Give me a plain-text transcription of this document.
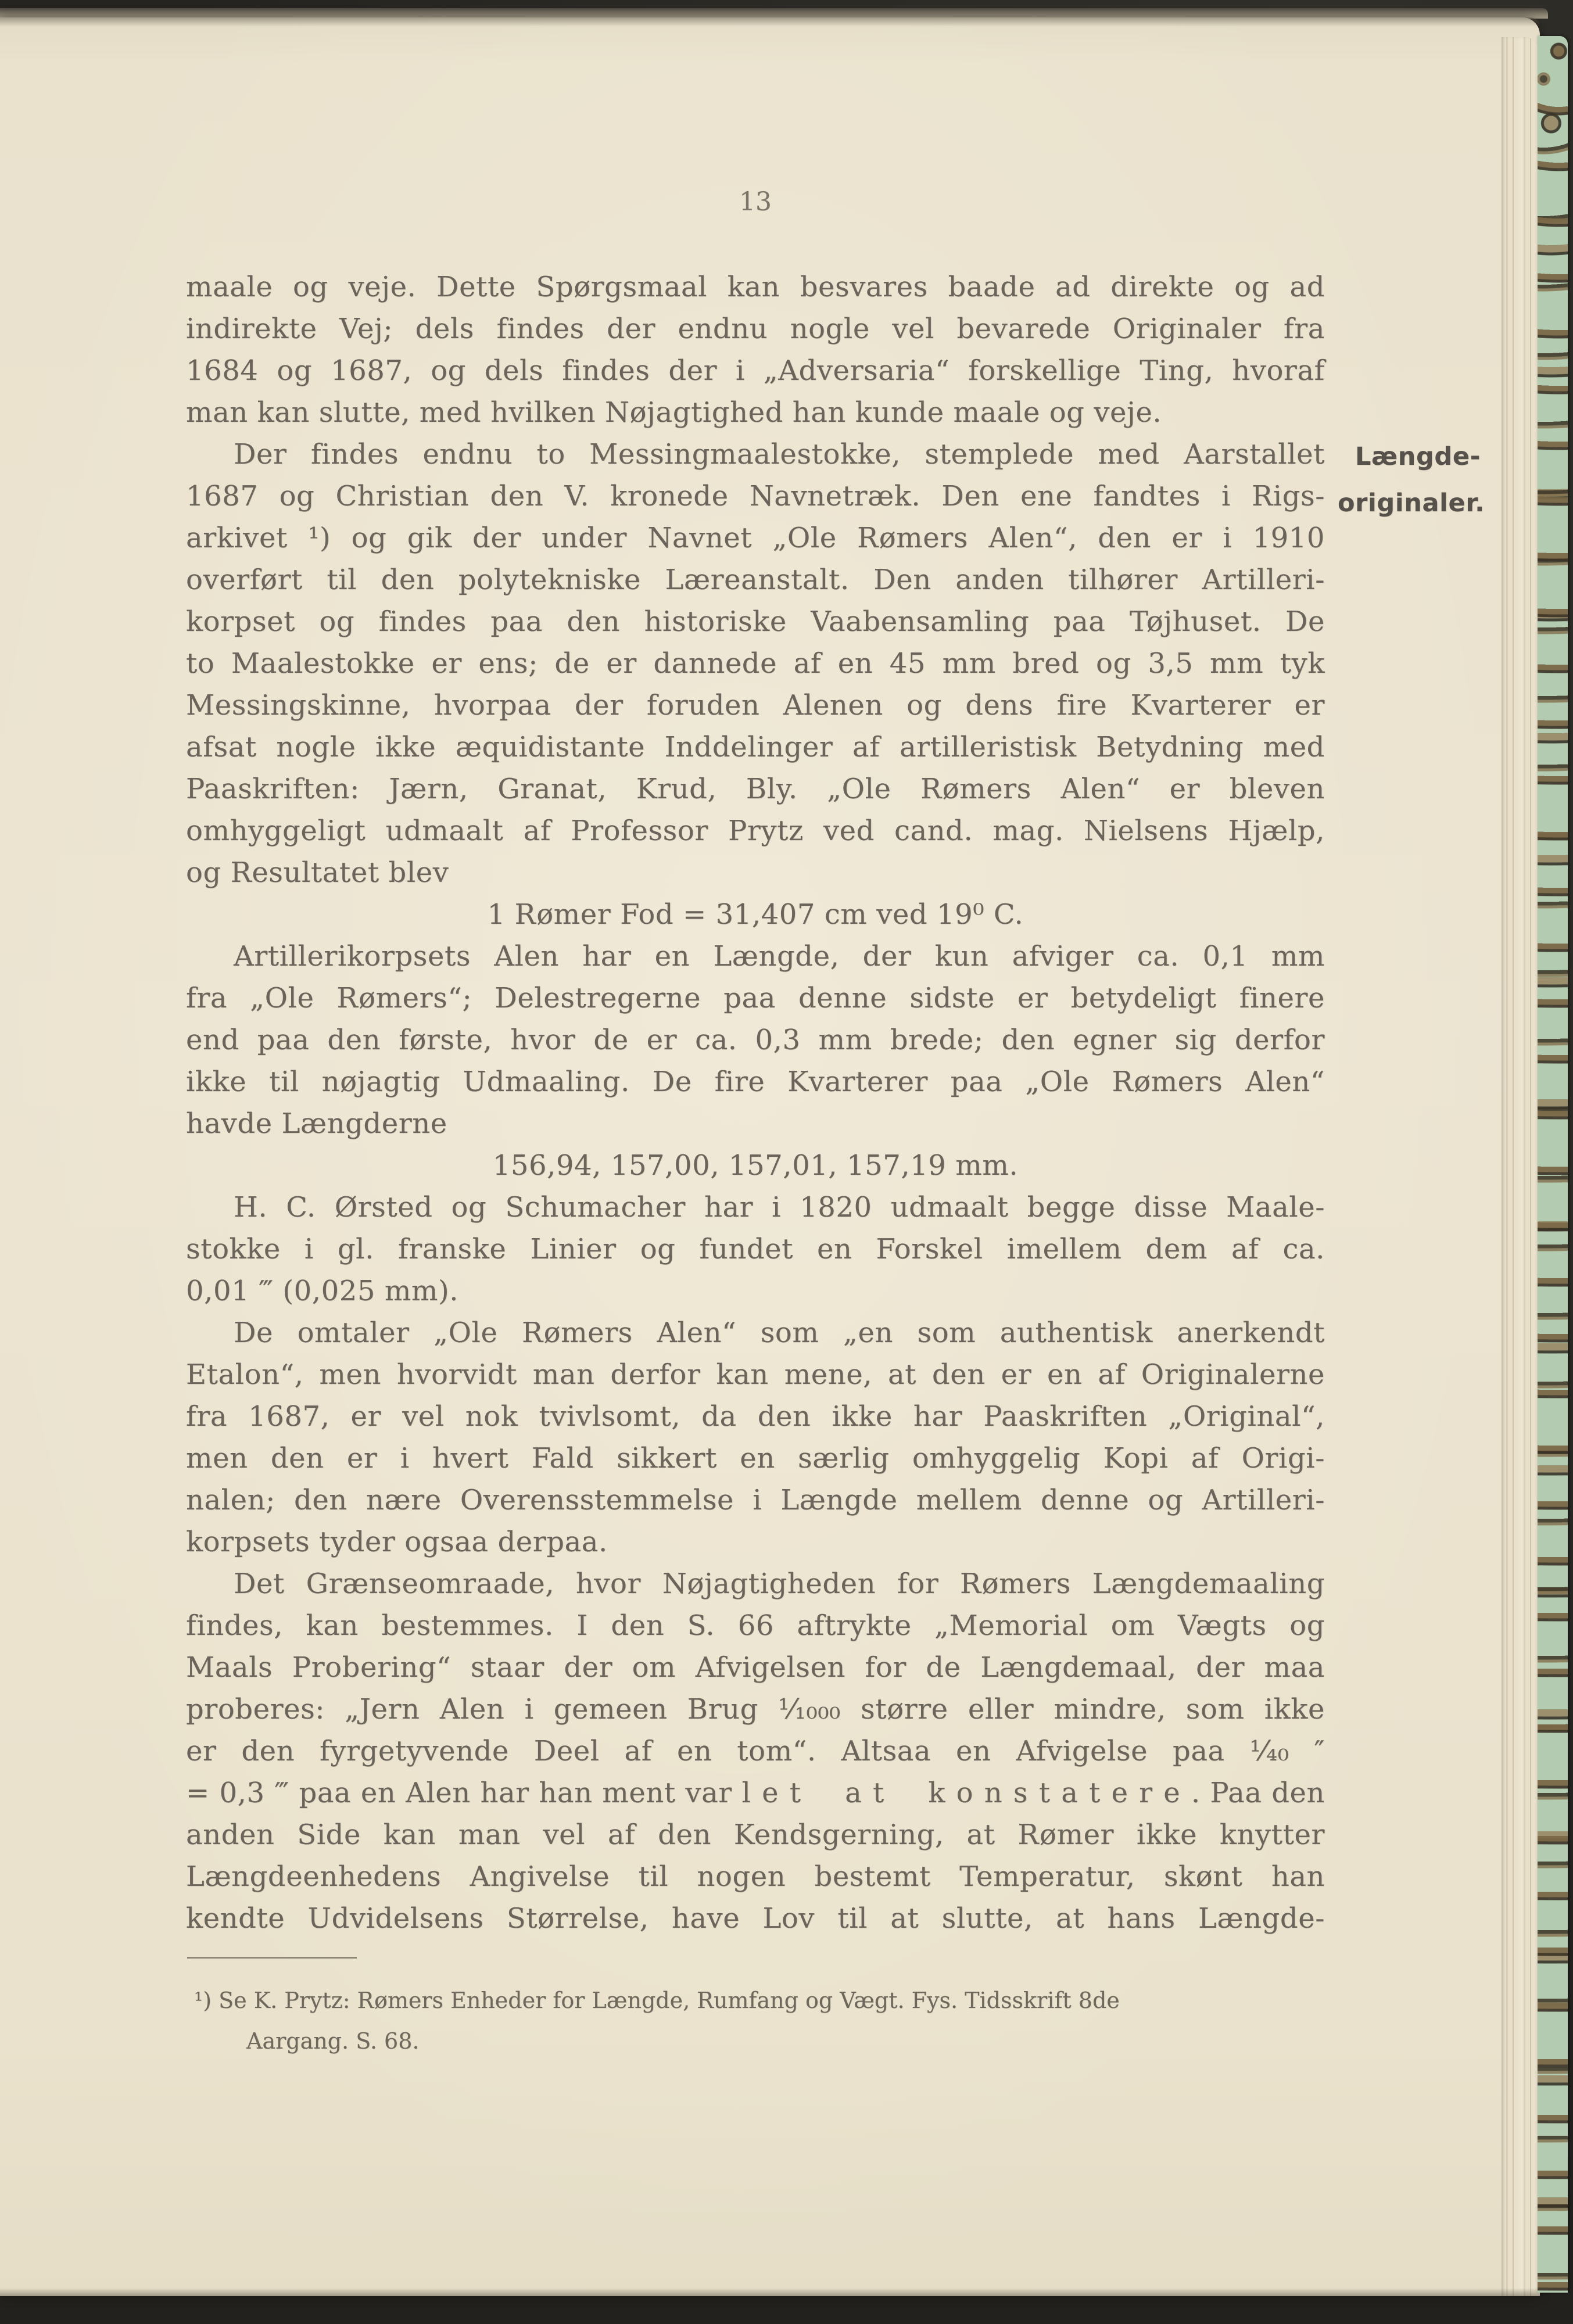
13
maale og veje. Dette Spørgsmaal kan besvares baade ad direkte og ad
indirekte Vej; dels findes der endnu nogle vel bevarede Originaler fra
1684 og 1687, og dels findes der i „Adversaria“ forskellige Ting, hvoraf
man kan slutte, med hvilken Nøjagtighed han kunde maale og veje.
Der findes endnu to Messingmaalestokke, stemplede med Aarstallet
1687 og Christian den V. kronede Navnetræk. Den ene fandtes i Rigs-
arkivet ¹) og gik der under Navnet „Ole Rømers Alen“, den er i 1910
overført til den polytekniske Læreanstalt. Den anden tilhører Artilleri-
korpset og findes paa den historiske Vaabensamling paa Tøjhuset. De
to Maalestokke er ens; de er dannede af en 45 mm bred og 3,5 mm tyk
Messingskinne, hvorpaa der foruden Alenen og dens fire Kvarterer er
afsat nogle ikke æquidistante Inddelinger af artilleristisk Betydning med
Paaskriften: Jærn, Granat, Krud, Bly. „Ole Rømers Alen“ er bleven
omhyggeligt udmaalt af Professor Prytz ved cand. mag. Nielsens Hjælp,
og Resultatet blev
1 Rømer Fod = 31,407 cm ved 19⁰ C.
Artillerikorpsets Alen har en Længde, der kun afviger ca. 0,1 mm
fra „Ole Rømers“; Delestregerne paa denne sidste er betydeligt finere
end paa den første, hvor de er ca. 0,3 mm brede; den egner sig derfor
ikke til nøjagtig Udmaaling. De fire Kvarterer paa „Ole Rømers Alen“
havde Længderne
156,94, 157,00, 157,01, 157,19 mm.
H. C. Ørsted og Schumacher har i 1820 udmaalt begge disse Maale-
stokke i gl. franske Linier og fundet en Forskel imellem dem af ca.
0,01 ‴ (0,025 mm).
De omtaler „Ole Rømers Alen“ som „en som authentisk anerkendt
Etalon“, men hvorvidt man derfor kan mene, at den er en af Originalerne
fra 1687, er vel nok tvivlsomt, da den ikke har Paaskriften „Original“,
men den er i hvert Fald sikkert en særlig omhyggelig Kopi af Origi-
nalen; den nære Overensstemmelse i Længde mellem denne og Artilleri-
korpsets tyder ogsaa derpaa.
Det Grænseomraade, hvor Nøjagtigheden for Rømers Længdemaaling
findes, kan bestemmes. I den S. 66 aftrykte „Memorial om Vægts og
Maals Probering“ staar der om Afvigelsen for de Længdemaal, der maa
proberes: „Jern Alen i gemeen Brug ¹⁄₁₀₀₀ større eller mindre, som ikke
er den fyrgetyvende Deel af en tom“. Altsaa en Afvigelse paa ¹⁄₄₀ ″
= 0,3 ‴ paa en Alen har han ment var let at konstatere. Paa den
anden Side kan man vel af den Kendsgerning, at Rømer ikke knytter
Længdeenhedens Angivelse til nogen bestemt Temperatur, skønt han
kendte Udvidelsens Størrelse, have Lov til at slutte, at hans Længde-
Længde-
originaler.
¹) Se K. Prytz: Rømers Enheder for Længde, Rumfang og Vægt. Fys. Tidsskrift 8de
Aargang. S. 68.
